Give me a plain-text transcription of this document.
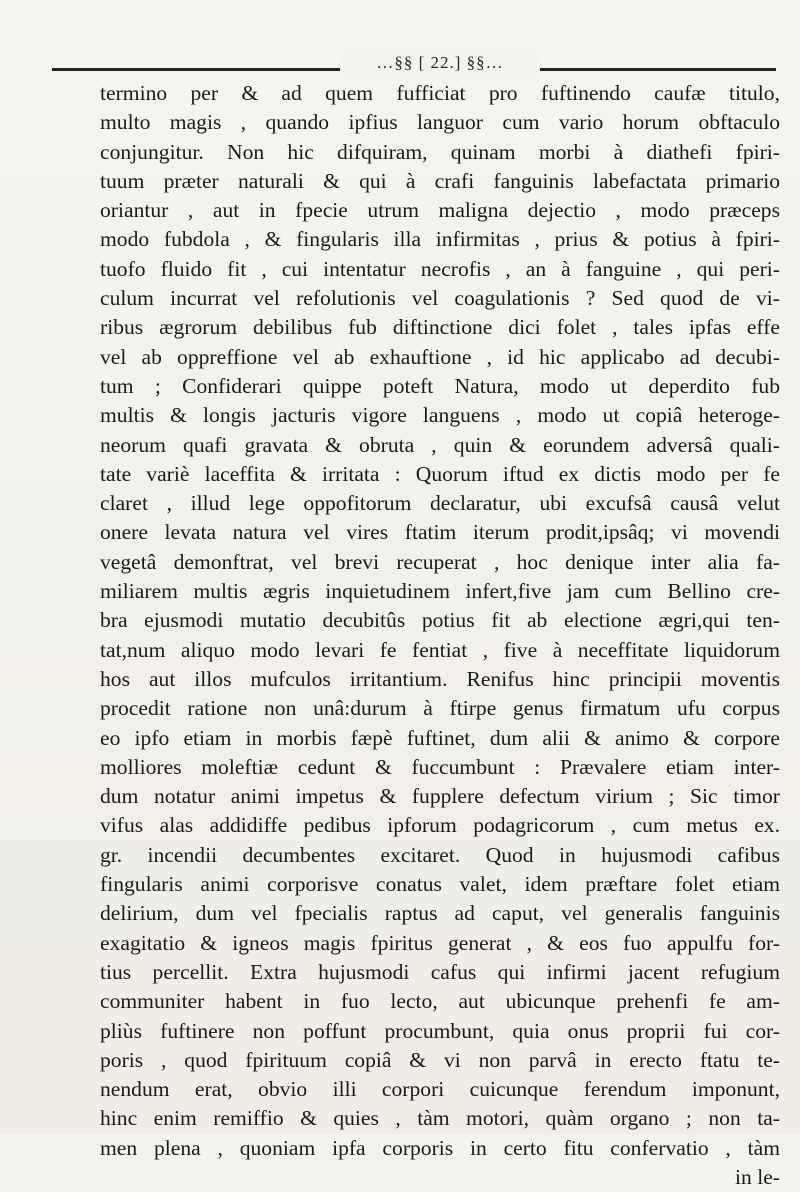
…§§ [ 22.] §§…
termino per & ad quem fufficiat pro fuftinendo caufæ titulo,
multo magis , quando ipfius languor cum vario horum obftaculo
conjungitur. Non hic difquiram, quinam morbi à diathefi fpiri-
tuum præter naturali & qui à crafi fanguinis labefactata primario
oriantur , aut in fpecie utrum maligna dejectio , modo præceps
modo fubdola , & fingularis illa infirmitas , prius & potius à fpiri-
tuofo fluido fit , cui intentatur necrofis , an à fanguine , qui peri-
culum incurrat vel refolutionis vel coagulationis ? Sed quod de vi-
ribus ægrorum debilibus fub diftinctione dici folet , tales ipfas effe
vel ab oppreffione vel ab exhauftione , id hic applicabo ad decubi-
tum ; Confiderari quippe poteft Natura, modo ut deperdito fub
multis & longis jacturis vigore languens , modo ut copiâ heteroge-
neorum quafi gravata & obruta , quin & eorundem adversâ quali-
tate variè laceffita & irritata : Quorum iftud ex dictis modo per fe
claret , illud lege oppofitorum declaratur, ubi excufsâ causâ velut
onere levata natura vel vires ftatim iterum prodit,ipsâq; vi movendi
vegetâ demonftrat, vel brevi recuperat , hoc denique inter alia fa-
miliarem multis ægris inquietudinem infert,five jam cum Bellino cre-
bra ejusmodi mutatio decubitûs potius fit ab electione ægri,qui ten-
tat,num aliquo modo levari fe fentiat , five à neceffitate liquidorum
hos aut illos mufculos irritantium. Renifus hinc principii moventis
procedit ratione non unâ:durum à ftirpe genus firmatum ufu corpus
eo ipfo etiam in morbis fæpè fuftinet, dum alii & animo & corpore
molliores moleftiæ cedunt & fuccumbunt : Prævalere etiam inter-
dum notatur animi impetus & fupplere defectum virium ; Sic timor
vifus alas addidiffe pedibus ipforum podagricorum , cum metus ex.
gr. incendii decumbentes excitaret. Quod in hujusmodi cafibus
fingularis animi corporisve conatus valet, idem præftare folet etiam
delirium, dum vel fpecialis raptus ad caput, vel generalis fanguinis
exagitatio & igneos magis fpiritus generat , & eos fuo appulfu for-
tius percellit. Extra hujusmodi cafus qui infirmi jacent refugium
communiter habent in fuo lecto, aut ubicunque prehenfi fe am-
pliùs fuftinere non poffunt procumbunt, quia onus proprii fui cor-
poris , quod fpirituum copiâ & vi non parvâ in erecto ftatu te-
nendum erat, obvio illi corpori cuicunque ferendum imponunt,
hinc enim remiffio & quies , tàm motori, quàm organo ; non ta-
men plena , quoniam ipfa corporis in certo fitu confervatio , tàm
in le-
